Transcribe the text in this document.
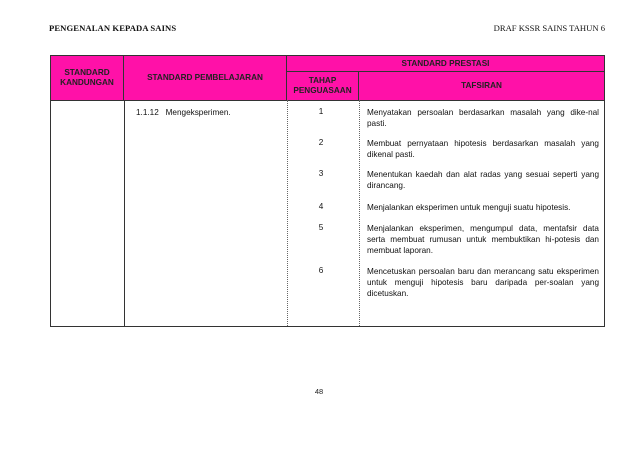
PENGENALAN KEPADA SAINS	DRAF KSSR SAINS TAHUN 6
STANDARD KANDUNGAN
STANDARD PEMBELAJARAN
STANDARD PRESTASI
TAHAP PENGUASAAN
TAFSIRAN
1.1.12   Mengeksperimen.	1	Menyatakan persoalan berdasarkan masalah yang dike-nal pasti.
2	Membuat pernyataan hipotesis berdasarkan masalah yang dikenal pasti.
3	Menentukan kaedah dan alat radas yang sesuai seperti yang dirancang.
4	Menjalankan eksperimen untuk menguji suatu hipotesis.
5	Menjalankan eksperimen, mengumpul data, mentafsir data serta membuat rumusan untuk membuktikan hi-potesis dan membuat laporan.
6	Mencetuskan persoalan baru dan merancang satu eksperimen untuk menguji hipotesis baru daripada per-soalan yang dicetuskan.
48
